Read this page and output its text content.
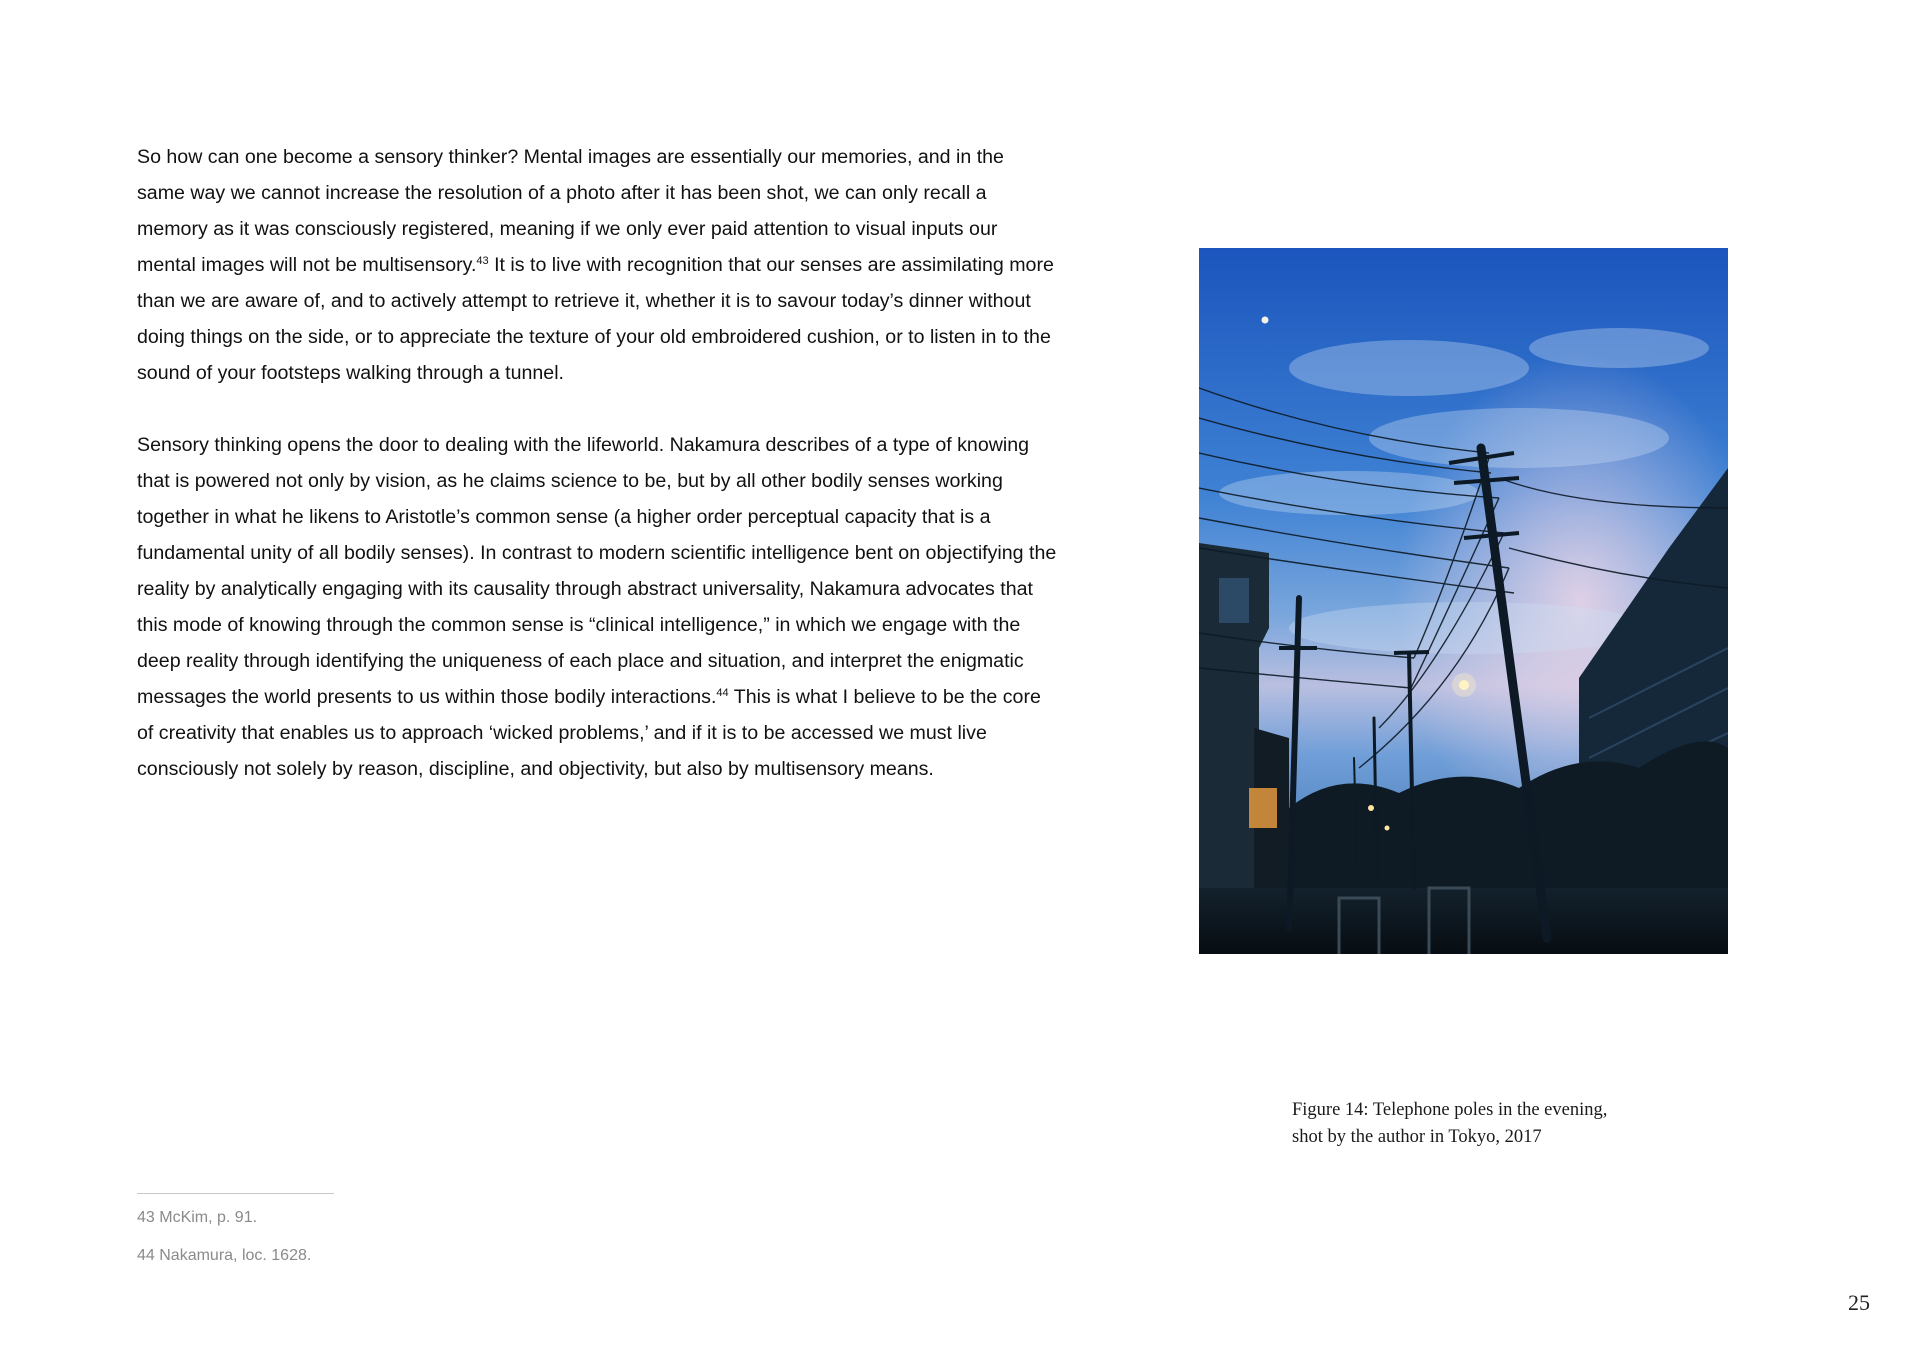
So how can one become a sensory thinker? Mental images are essentially our memories, and in the same way we cannot increase the resolution of a photo after it has been shot, we can only recall a memory as it was consciously registered, meaning if we only ever paid attention to visual inputs our mental images will not be multisensory.$^{43}$ It is to live with recognition that our senses are assimilating more than we are aware of, and to actively attempt to retrieve it, whether it is to savour today’s dinner without doing things on the side, or to appreciate the texture of your old embroidered cushion, or to listen in to the sound of your footsteps walking through a tunnel.

Sensory thinking opens the door to dealing with the lifeworld. Nakamura describes of a type of knowing that is powered not only by vision, as he claims science to be, but by all other bodily senses working together in what he likens to Aristotle’s common sense (a higher order perceptual capacity that is a fundamental unity of all bodily senses). In contrast to modern scientific intelligence bent on objectifying the reality by analytically engaging with its causality through abstract universality, Nakamura advocates that this mode of knowing through the common sense is “clinical intelligence,” in which we engage with the deep reality through identifying the uniqueness of each place and situation, and interpret the enigmatic messages the world presents to us within those bodily interactions.$^{44}$ This is what I believe to be the core of creativity that enables us to approach ‘wicked problems,’ and if it is to be accessed we must live consciously not solely by reason, discipline, and objectivity, but also by multisensory means.

Figure 14: Telephone poles in the evening,
shot by the author in Tokyo, 2017
43 McKim, p. 91.
44 Nakamura, loc. 1628.
25
